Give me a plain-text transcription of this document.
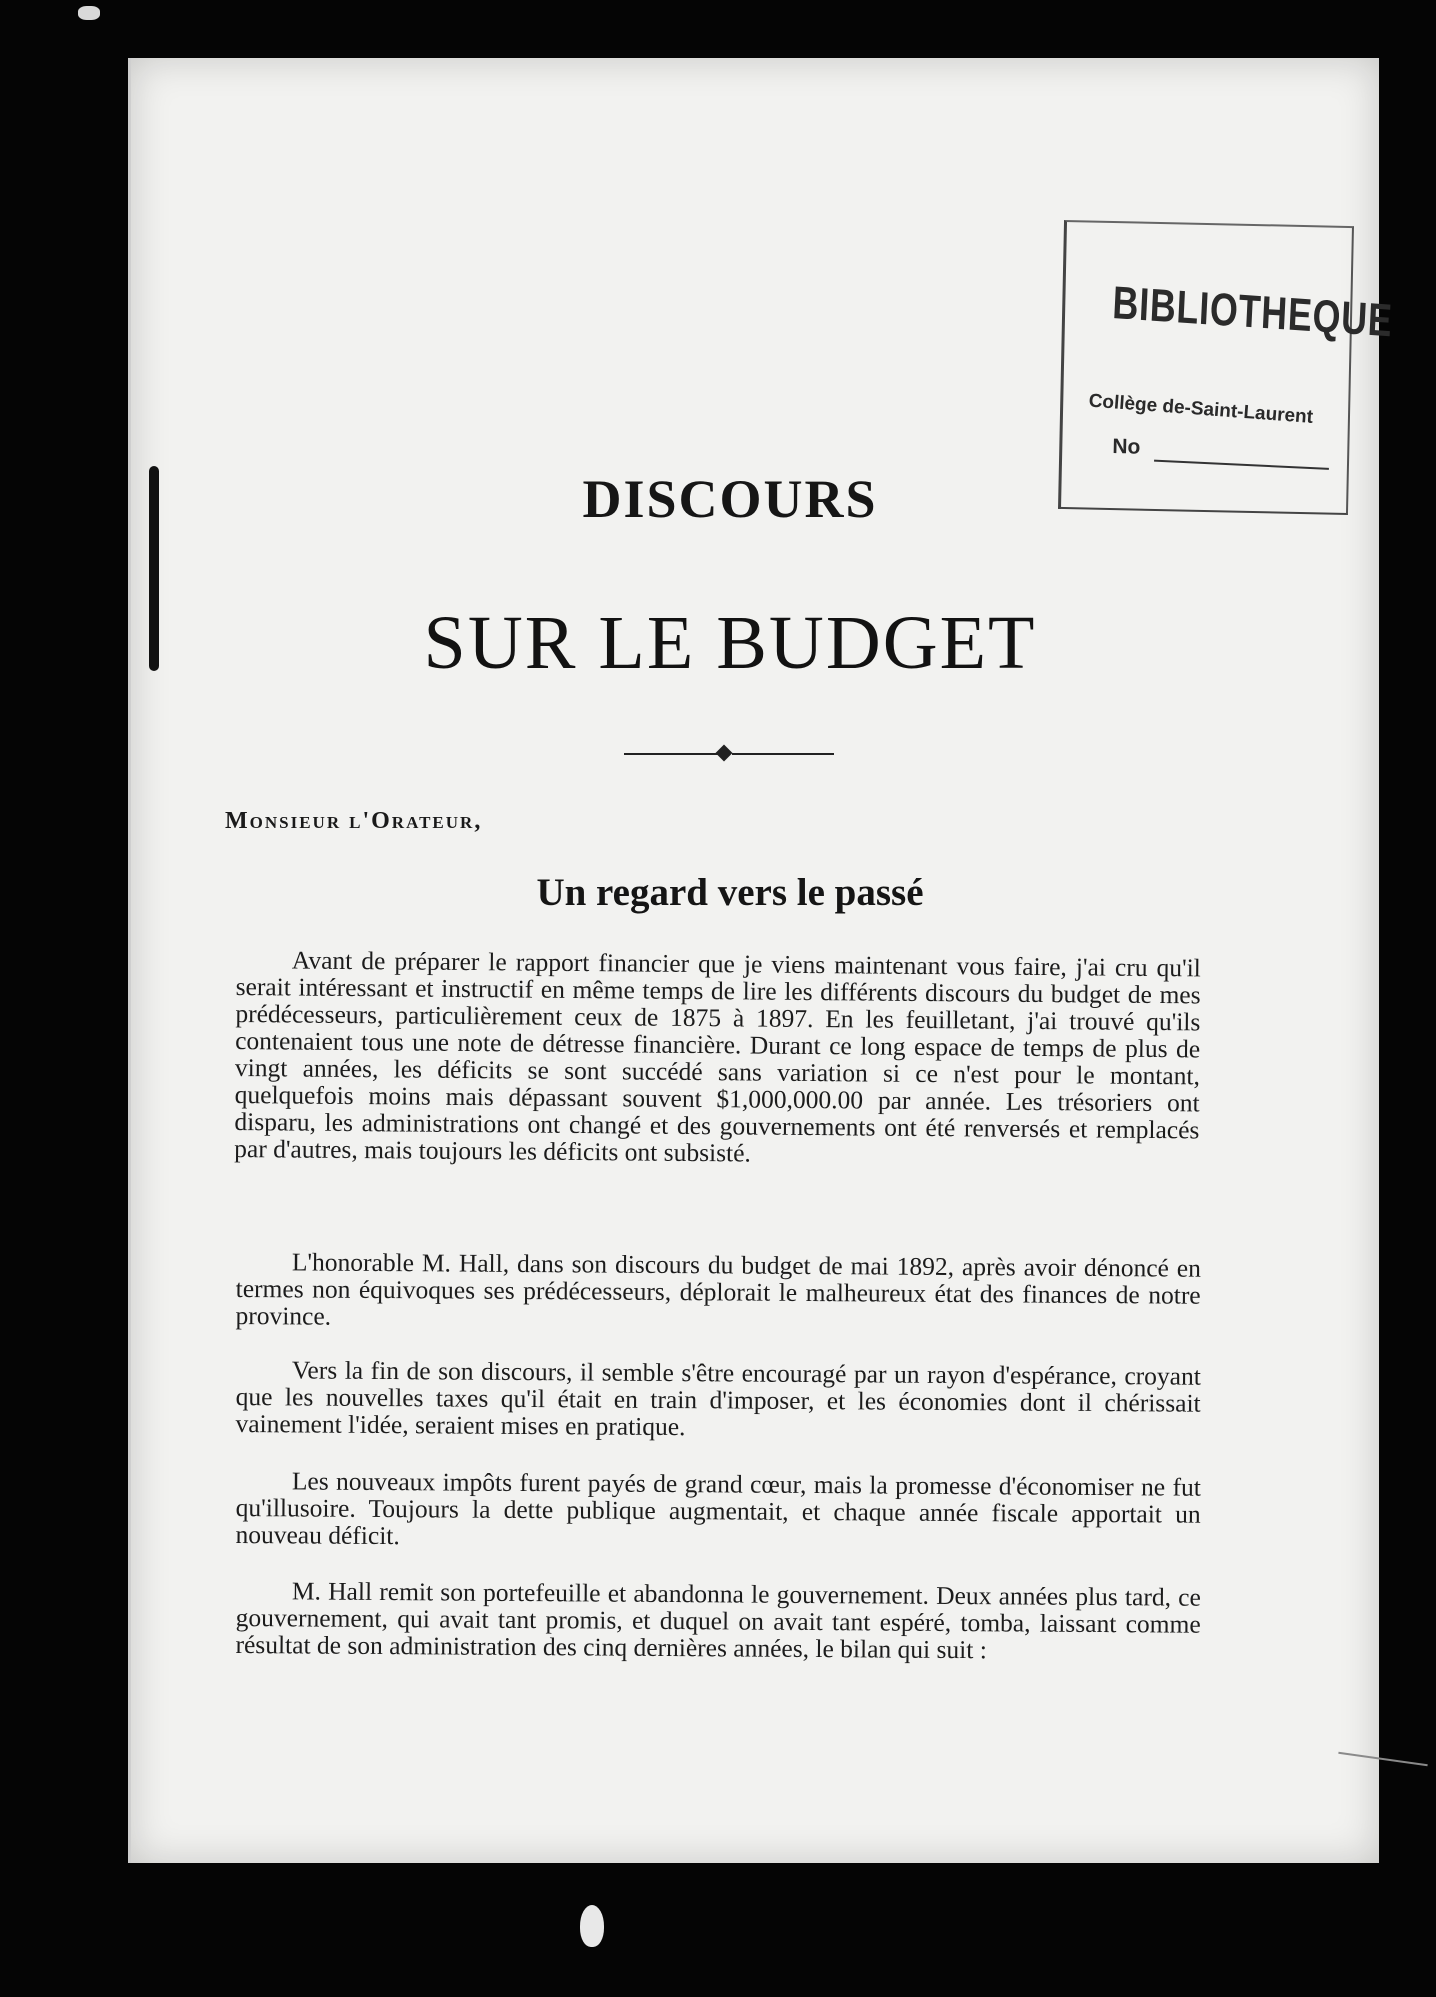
BIBLIOTHEQUE
Collège de-Saint-Laurent
No
DISCOURS
SUR LE BUDGET
Monsieur l'Orateur,
Un regard vers le passé

Avant de préparer le rapport financier que je viens maintenant vous faire, j'ai cru qu'il serait intéressant et instructif en même temps de lire les différents discours du budget de mes prédécesseurs, particulièrement ceux de 1875 à 1897. En les feuilletant, j'ai trouvé qu'ils contenaient tous une note de détresse financière. Durant ce long espace de temps de plus de vingt années, les déficits se sont succédé sans variation si ce n'est pour le montant, quelquefois moins mais dépassant souvent $1,000,000.00 par année. Les trésoriers ont disparu, les administrations ont changé et des gouvernements ont été renversés et remplacés par d'autres, mais toujours les déficits ont subsisté.

L'honorable M. Hall, dans son discours du budget de mai 1892, après avoir dénoncé en termes non équivoques ses prédécesseurs, déplorait le malheureux état des finances de notre province.

Vers la fin de son discours, il semble s'être encouragé par un rayon d'espérance, croyant que les nouvelles taxes qu'il était en train d'imposer, et les économies dont il chérissait vainement l'idée, seraient mises en pratique.

Les nouveaux impôts furent payés de grand cœur, mais la promesse d'économiser ne fut qu'illusoire. Toujours la dette publique augmentait, et chaque année fiscale apportait un nouveau déficit.

M. Hall remit son portefeuille et abandonna le gouvernement. Deux années plus tard, ce gouvernement, qui avait tant promis, et duquel on avait tant espéré, tomba, laissant comme résultat de son administration des cinq dernières années, le bilan qui suit :
